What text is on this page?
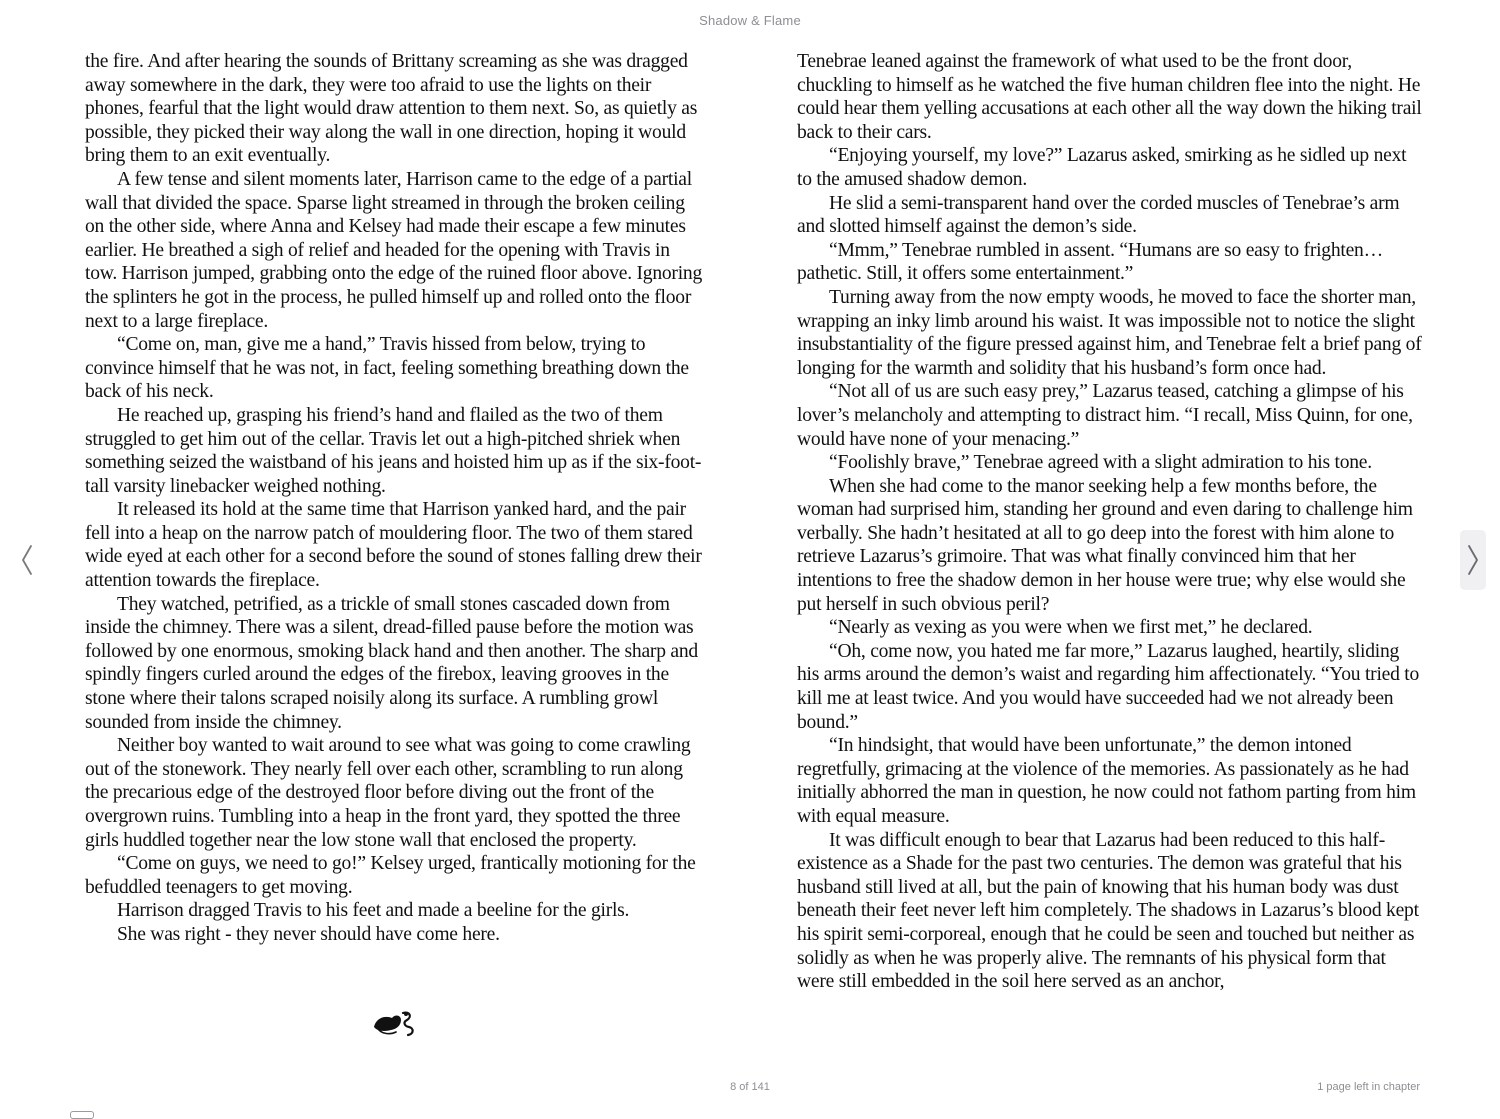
Shadow & Flame

the fire. And after hearing the sounds of Brittany screaming as she was dragged away somewhere in the dark, they were too afraid to use the lights on their phones, fearful that the light would draw attention to them next. So, as quietly as possible, they picked their way along the wall in one direction, hoping it would bring them to an exit eventually.

A few tense and silent moments later, Harrison came to the edge of a partial wall that divided the space. Sparse light streamed in through the broken ceiling on the other side, where Anna and Kelsey had made their escape a few minutes earlier. He breathed a sigh of relief and headed for the opening with Travis in tow. Harrison jumped, grabbing onto the edge of the ruined floor above. Ignoring the splinters he got in the process, he pulled himself up and rolled onto the floor next to a large fireplace.

“Come on, man, give me a hand,” Travis hissed from below, trying to convince himself that he was not, in fact, feeling something breathing down the back of his neck.

He reached up, grasping his friend’s hand and flailed as the two of them struggled to get him out of the cellar. Travis let out a high-pitched shriek when something seized the waistband of his jeans and hoisted him up as if the six-foot-tall varsity linebacker weighed nothing.

It released its hold at the same time that Harrison yanked hard, and the pair fell into a heap on the narrow patch of mouldering floor. The two of them stared wide eyed at each other for a second before the sound of stones falling drew their attention towards the fireplace.

They watched, petrified, as a trickle of small stones cascaded down from inside the chimney. There was a silent, dread-filled pause before the motion was followed by one enormous, smoking black hand and then another. The sharp and spindly fingers curled around the edges of the firebox, leaving grooves in the stone where their talons scraped noisily along its surface. A rumbling growl sounded from inside the chimney.

Neither boy wanted to wait around to see what was going to come crawling out of the stonework. They nearly fell over each other, scrambling to run along the precarious edge of the destroyed floor before diving out the front of the overgrown ruins. Tumbling into a heap in the front yard, they spotted the three girls huddled together near the low stone wall that enclosed the property.

“Come on guys, we need to go!” Kelsey urged, frantically motioning for the befuddled teenagers to get moving.

Harrison dragged Travis to his feet and made a beeline for the girls.

She was right - they never should have come here.

Tenebrae leaned against the framework of what used to be the front door, chuckling to himself as he watched the five human children flee into the night. He could hear them yelling accusations at each other all the way down the hiking trail back to their cars.

“Enjoying yourself, my love?” Lazarus asked, smirking as he sidled up next to the amused shadow demon.

He slid a semi-transparent hand over the corded muscles of Tenebrae’s arm and slotted himself against the demon’s side.

“Mmm,” Tenebrae rumbled in assent. “Humans are so easy to frighten… pathetic. Still, it offers some entertainment.”

Turning away from the now empty woods, he moved to face the shorter man, wrapping an inky limb around his waist. It was impossible not to notice the slight insubstantiality of the figure pressed against him, and Tenebrae felt a brief pang of longing for the warmth and solidity that his husband’s form once had.

“Not all of us are such easy prey,” Lazarus teased, catching a glimpse of his lover’s melancholy and attempting to distract him. “I recall, Miss Quinn, for one, would have none of your menacing.”

“Foolishly brave,” Tenebrae agreed with a slight admiration to his tone.

When she had come to the manor seeking help a few months before, the woman had surprised him, standing her ground and even daring to challenge him verbally. She hadn’t hesitated at all to go deep into the forest with him alone to retrieve Lazarus’s grimoire. That was what finally convinced him that her intentions to free the shadow demon in her house were true; why else would she put herself in such obvious peril?

“Nearly as vexing as you were when we first met,” he declared.

“Oh, come now, you hated me far more,” Lazarus laughed, heartily, sliding his arms around the demon’s waist and regarding him affectionately. “You tried to kill me at least twice. And you would have succeeded had we not already been bound.”

“In hindsight, that would have been unfortunate,” the demon intoned regretfully, grimacing at the violence of the memories. As passionately as he had initially abhorred the man in question, he now could not fathom parting from him with equal measure.

It was difficult enough to bear that Lazarus had been reduced to this half-existence as a Shade for the past two centuries. The demon was grateful that his husband still lived at all, but the pain of knowing that his human body was dust beneath their feet never left him completely. The shadows in Lazarus’s blood kept his spirit semi-corporeal, enough that he could be seen and touched but neither as solidly as when he was properly alive. The remnants of his physical form that were still embedded in the soil here served as an anchor,

8 of 141	1 page left in chapter
